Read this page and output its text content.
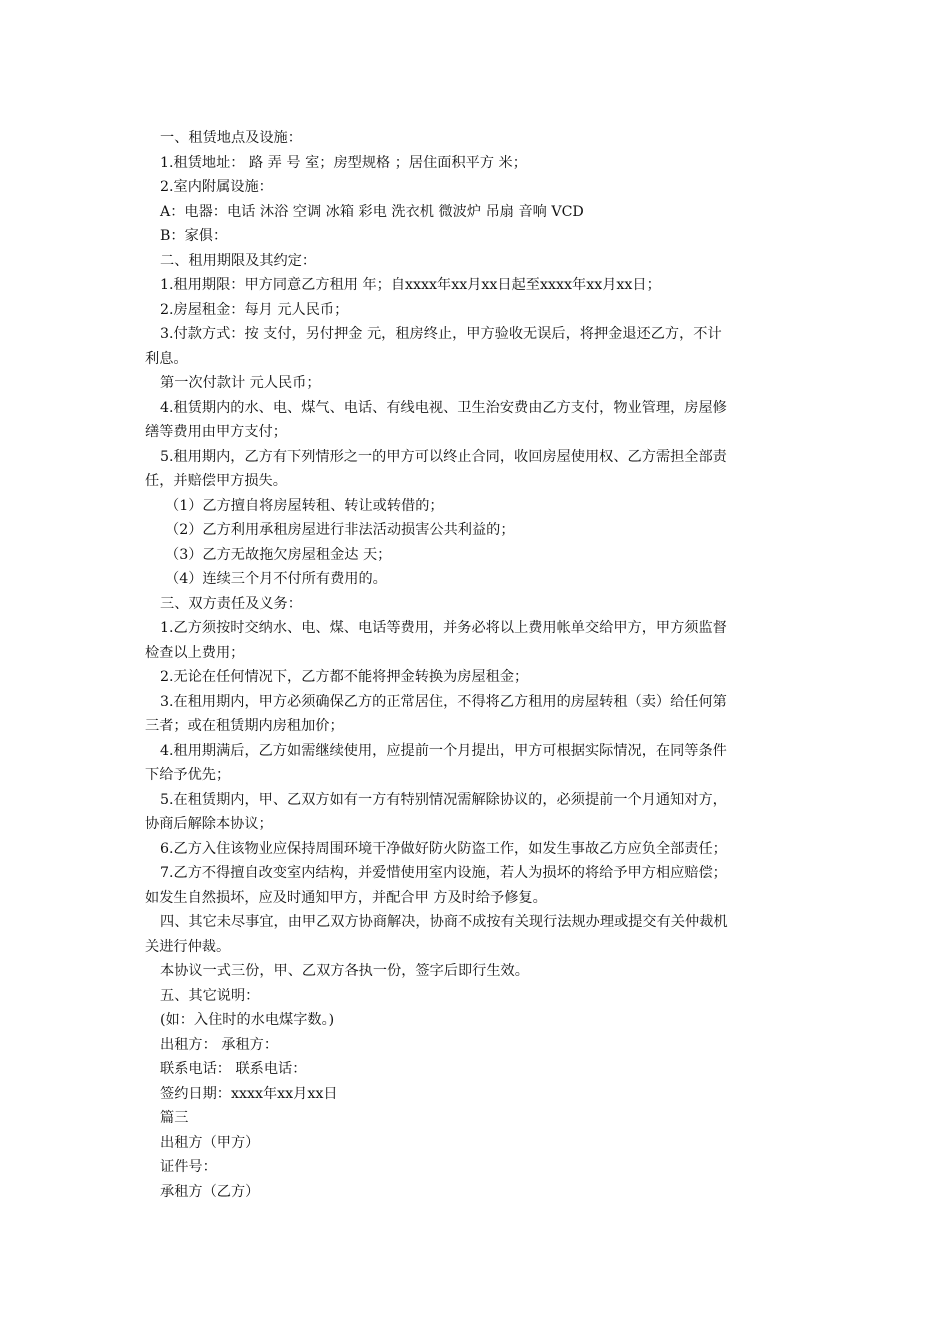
一、租赁地点及设施：
1.租赁地址： 路 弄 号 室；房型规格 ；居住面积平方 米；
2.室内附属设施：
A：电器：电话 沐浴 空调 冰箱 彩电 洗衣机 微波炉 吊扇 音响 VCD
B：家俱：
二、租用期限及其约定：
1.租用期限：甲方同意乙方租用 年；自xxxx年xx月xx日起至xxxx年xx月xx日；
2.房屋租金：每月 元人民币；
3.付款方式：按 支付，另付押金 元，租房终止，甲方验收无误后，将押金退还乙方，不计
利息。
第一次付款计 元人民币；
4.租赁期内的水、电、煤气、电话、有线电视、卫生治安费由乙方支付，物业管理，房屋修
缮等费用由甲方支付；
5.租用期内，乙方有下列情形之一的甲方可以终止合同，收回房屋使用权、乙方需担全部责
任，并赔偿甲方损失。
（1）乙方擅自将房屋转租、转让或转借的；
（2）乙方利用承租房屋进行非法活动损害公共利益的；
（3）乙方无故拖欠房屋租金达 天；
（4）连续三个月不付所有费用的。
三、双方责任及义务：
1.乙方须按时交纳水、电、煤、电话等费用，并务必将以上费用帐单交给甲方，甲方须监督
检查以上费用；
2.无论在任何情况下，乙方都不能将押金转换为房屋租金；
3.在租用期内，甲方必须确保乙方的正常居住，不得将乙方租用的房屋转租（卖）给任何第
三者；或在租赁期内房租加价；
4.租用期满后，乙方如需继续使用，应提前一个月提出，甲方可根据实际情况，在同等条件
下给予优先；
5.在租赁期内，甲、乙双方如有一方有特别情况需解除协议的，必须提前一个月通知对方，
协商后解除本协议；
6.乙方入住该物业应保持周围环境干净做好防火防盗工作，如发生事故乙方应负全部责任；
7.乙方不得擅自改变室内结构，并爱惜使用室内设施，若人为损坏的将给予甲方相应赔偿；
如发生自然损坏，应及时通知甲方，并配合甲 方及时给予修复。
四、其它未尽事宜，由甲乙双方协商解决，协商不成按有关现行法规办理或提交有关仲裁机
关进行仲裁。
本协议一式三份，甲、乙双方各执一份，签字后即行生效。
五、其它说明：
(如：入住时的水电煤字数。)
出租方： 承租方：
联系电话： 联系电话：
签约日期：xxxx年xx月xx日
篇三
出租方（甲方）
证件号：
承租方（乙方）
